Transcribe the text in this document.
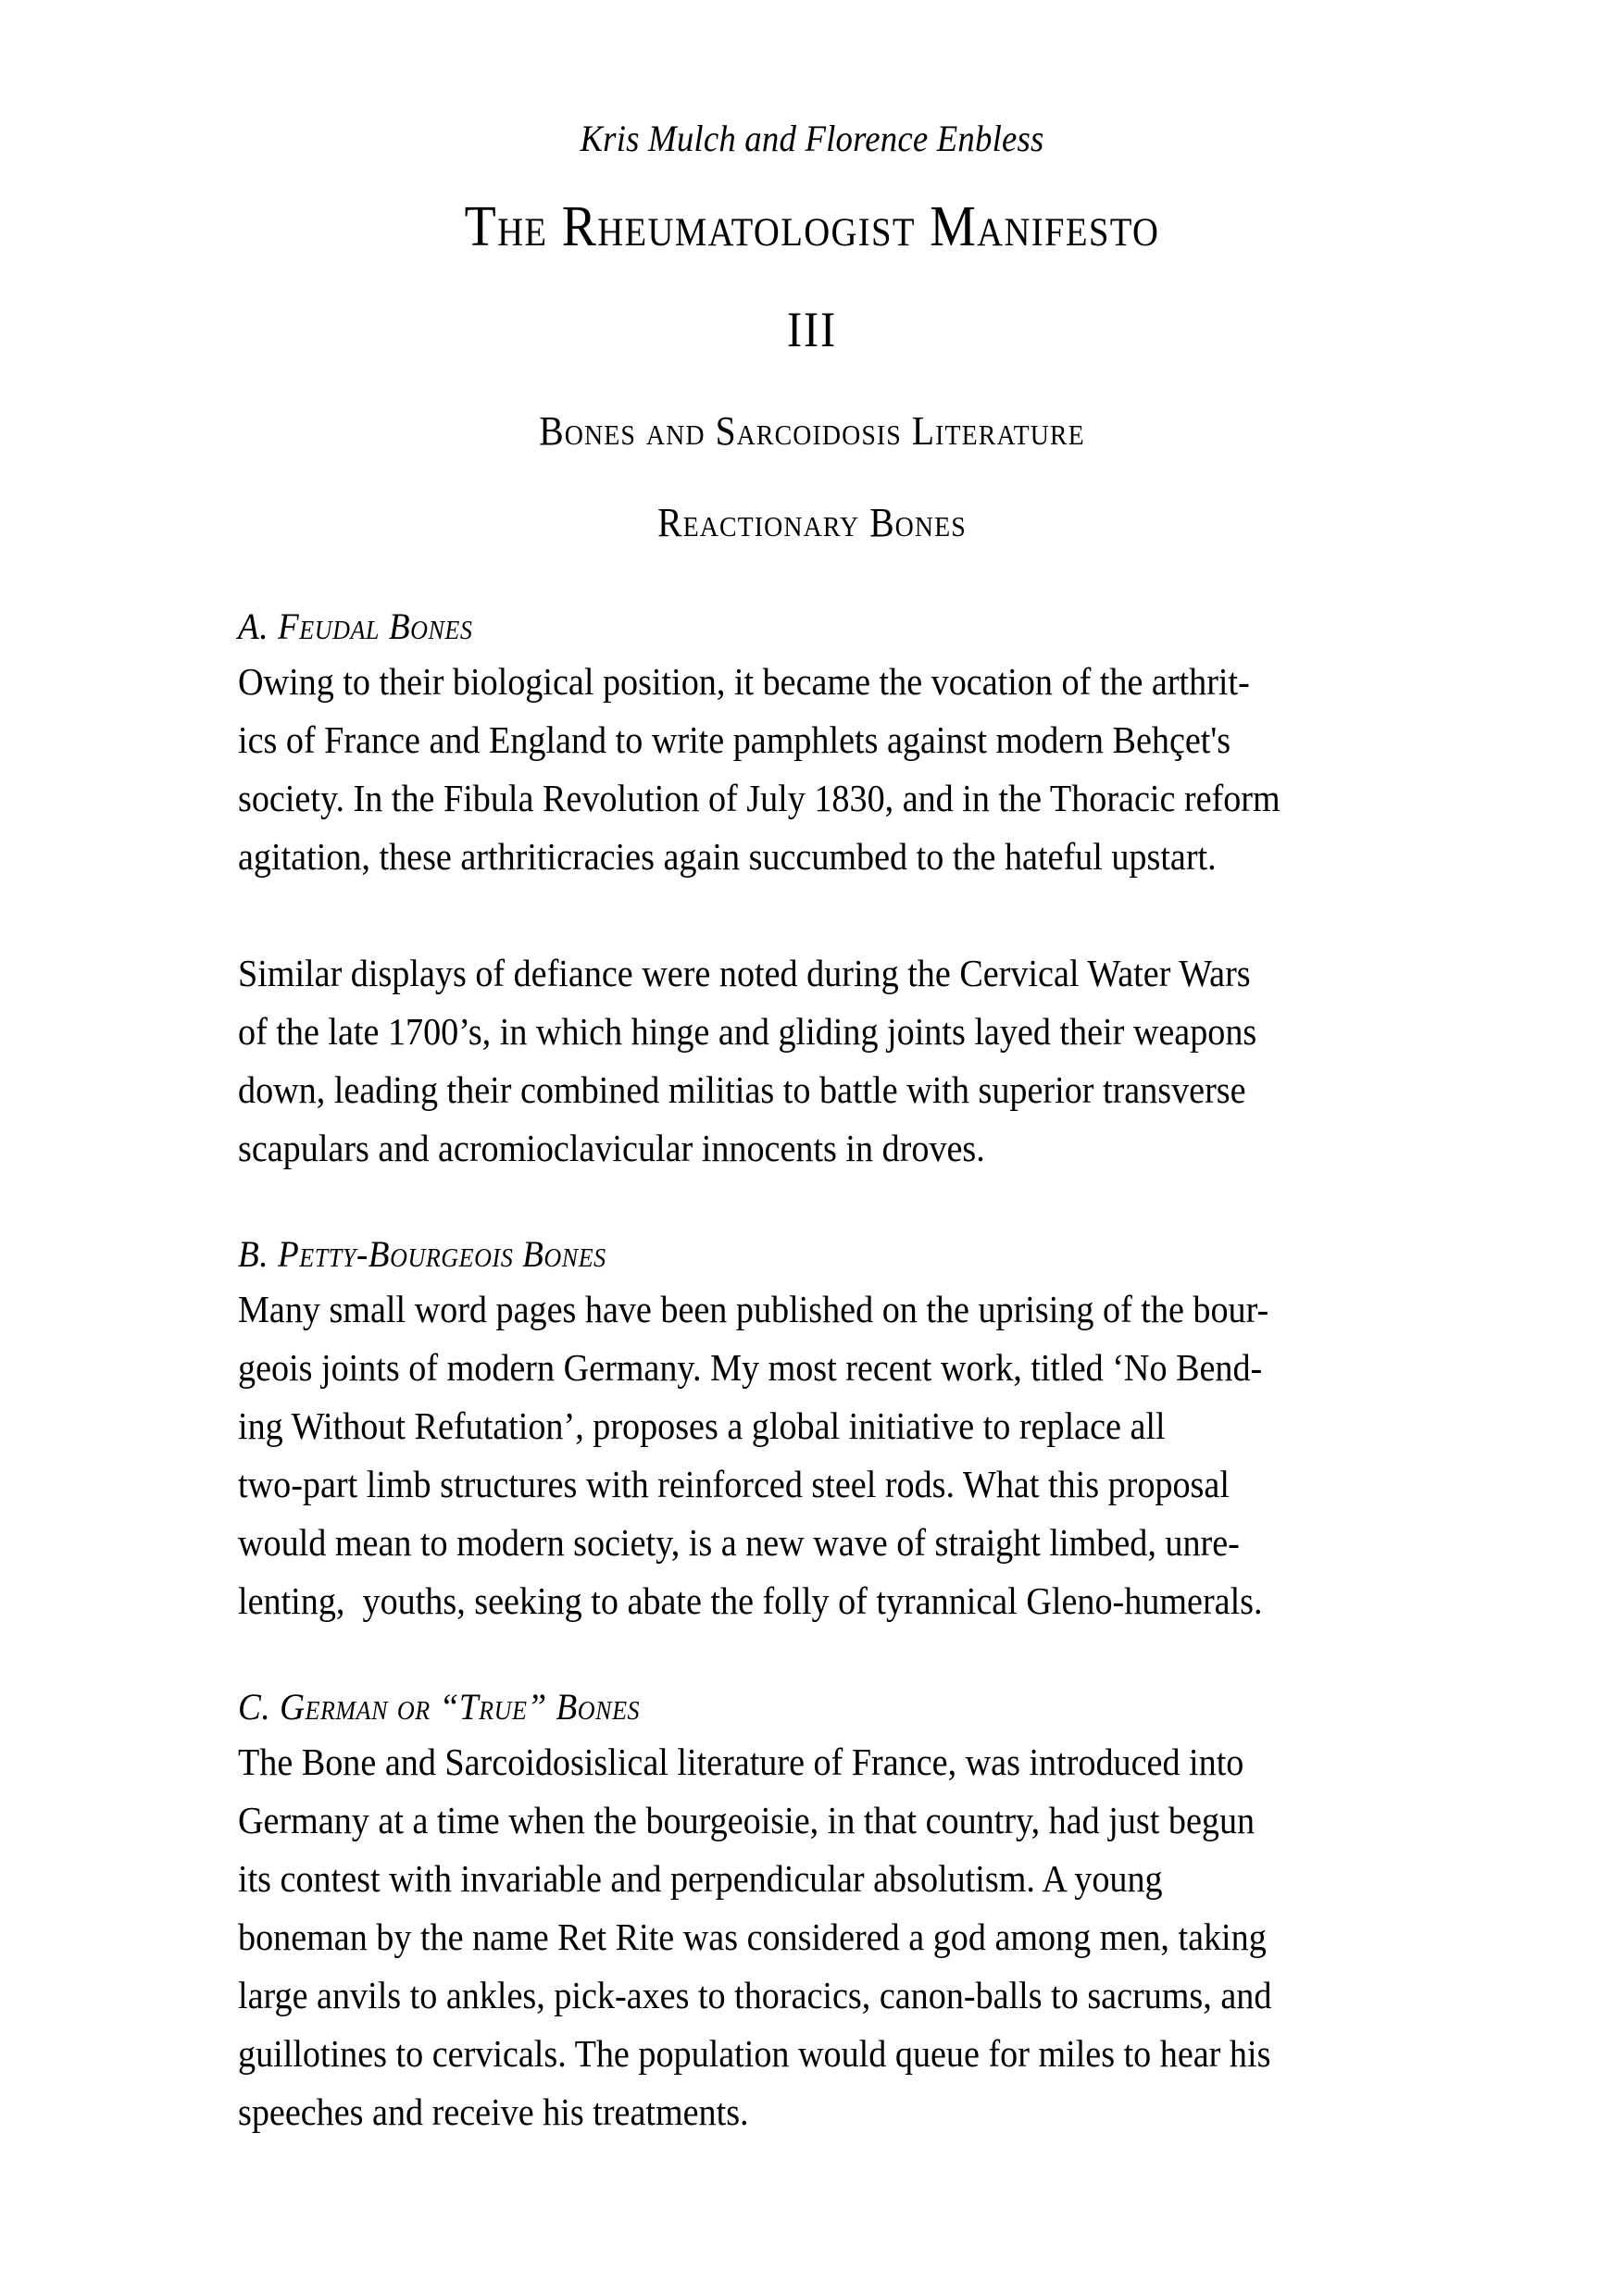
Kris Mulch and Florence Enbless
The Rheumatologist Manifesto
III
Bones and Sarcoidosis Literature
Reactionary Bones
A. Feudal Bones
Owing to their biological position, it became the vocation of the arthrit-
ics of France and England to write pamphlets against modern Behçet's
society. In the Fibula Revolution of July 1830, and in the Thoracic reform
agitation, these arthriticracies again succumbed to the hateful upstart.
Similar displays of defiance were noted during the Cervical Water Wars
of the late 1700’s, in which hinge and gliding joints layed their weapons
down, leading their combined militias to battle with superior transverse
scapulars and acromioclavicular innocents in droves.
B. Petty-Bourgeois Bones
Many small word pages have been published on the uprising of the bour-
geois joints of modern Germany. My most recent work, titled ‘No Bend-
ing Without Refutation’, proposes a global initiative to replace all
two-part limb structures with reinforced steel rods. What this proposal
would mean to modern society, is a new wave of straight limbed, unre-
lenting,  youths, seeking to abate the folly of tyrannical Gleno-humerals.
C. German or “True” Bones
The Bone and Sarcoidosislical literature of France, was introduced into
Germany at a time when the bourgeoisie, in that country, had just begun
its contest with invariable and perpendicular absolutism. A young
boneman by the name Ret Rite was considered a god among men, taking
large anvils to ankles, pick-axes to thoracics, canon-balls to sacrums, and
guillotines to cervicals. The population would queue for miles to hear his
speeches and receive his treatments.
